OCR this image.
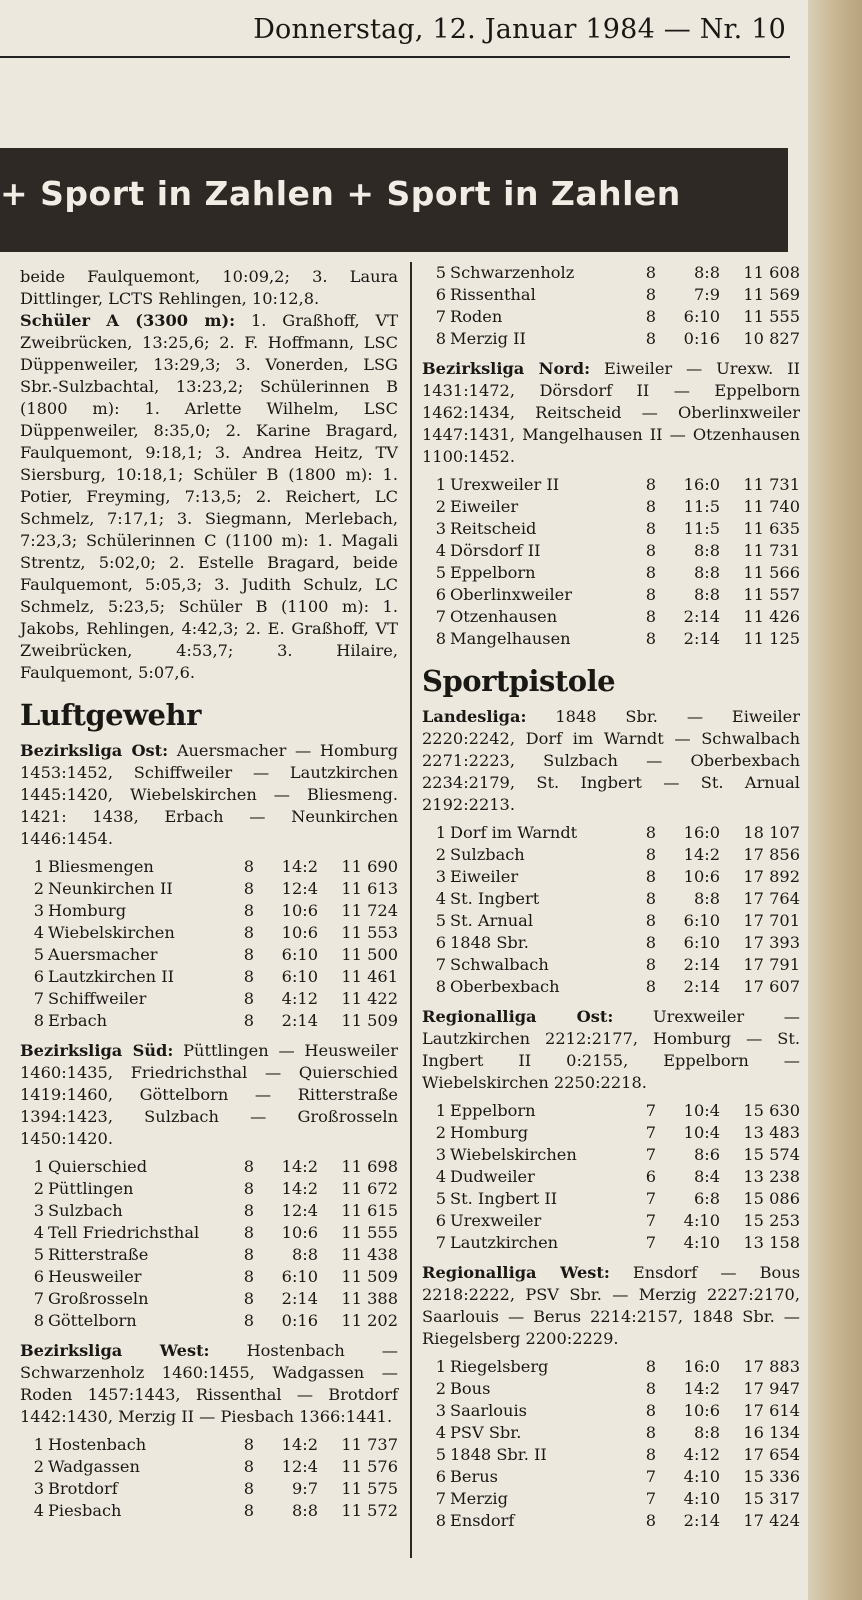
Donnerstag, 12. Januar 1984 — Nr. 10
+ Sport in Zahlen + Sport in Zahlen

beide Faulquemont, 10:09,2; 3. Laura Dittlinger, LCTS Rehlingen, 10:12,8.

Schüler A (3300 m): 1. Graßhoff, VT Zweibrücken, 13:25,6; 2. F. Hoffmann, LSC Düppenweiler, 13:29,3; 3. Vonerden, LSG Sbr.-Sulzbachtal, 13:23,2; Schülerinnen B (1800 m): 1. Arlette Wilhelm, LSC Düppenweiler, 8:35,0; 2. Karine Bragard, Faulquemont, 9:18,1; 3. Andrea Heitz, TV Siersburg, 10:18,1; Schüler B (1800 m): 1. Potier, Freyming, 7:13,5; 2. Reichert, LC Schmelz, 7:17,1; 3. Siegmann, Merlebach, 7:23,3; Schülerinnen C (1100 m): 1. Magali Strentz, 5:02,0; 2. Estelle Bragard, beide Faulquemont, 5:05,3; 3. Judith Schulz, LC Schmelz, 5:23,5; Schüler B (1100 m): 1. Jakobs, Rehlingen, 4:42,3; 2. E. Graßhoff, VT Zweibrücken, 4:53,7; 3. Hilaire, Faulquemont, 5:07,6.

Luftgewehr

Bezirksliga Ost: Auersmacher — Homburg 1453:1452, Schiffweiler — Lautzkirchen 1445:1420, Wiebelskirchen — Bliesmeng. 1421: 1438, Erbach — Neunkirchen 1446:1454.

1	Bliesmengen	8	14:2	11 690
2	Neunkirchen II	8	12:4	11 613
3	Homburg	8	10:6	11 724
4	Wiebelskirchen	8	10:6	11 553
5	Auersmacher	8	6:10	11 500
6	Lautzkirchen II	8	6:10	11 461
7	Schiffweiler	8	4:12	11 422
8	Erbach	8	2:14	11 509

Bezirksliga Süd: Püttlingen — Heusweiler 1460:1435, Friedrichsthal — Quierschied 1419:1460, Göttelborn — Ritterstraße 1394:1423, Sulzbach — Großrosseln 1450:1420.

1	Quierschied	8	14:2	11 698
2	Püttlingen	8	14:2	11 672
3	Sulzbach	8	12:4	11 615
4	Tell Friedrichsthal	8	10:6	11 555
5	Ritterstraße	8	8:8	11 438
6	Heusweiler	8	6:10	11 509
7	Großrosseln	8	2:14	11 388
8	Göttelborn	8	0:16	11 202

Bezirksliga West: Hostenbach — Schwarzenholz 1460:1455, Wadgassen — Roden 1457:1443, Rissenthal — Brotdorf 1442:1430, Merzig II — Piesbach 1366:1441.

1	Hostenbach	8	14:2	11 737
2	Wadgassen	8	12:4	11 576
3	Brotdorf	8	9:7	11 575
4	Piesbach	8	8:8	11 572
5	Schwarzenholz	8	8:8	11 608
6	Rissenthal	8	7:9	11 569
7	Roden	8	6:10	11 555
8	Merzig II	8	0:16	10 827

Bezirksliga Nord: Eiweiler — Urexw. II 1431:1472, Dörsdorf II — Eppelborn 1462:1434, Reitscheid — Oberlinxweiler 1447:1431, Mangelhausen II — Otzenhausen 1100:1452.

1	Urexweiler II	8	16:0	11 731
2	Eiweiler	8	11:5	11 740
3	Reitscheid	8	11:5	11 635
4	Dörsdorf II	8	8:8	11 731
5	Eppelborn	8	8:8	11 566
6	Oberlinxweiler	8	8:8	11 557
7	Otzenhausen	8	2:14	11 426
8	Mangelhausen	8	2:14	11 125
Sportpistole

Landesliga: 1848 Sbr. — Eiweiler 2220:2242, Dorf im Warndt — Schwalbach 2271:2223, Sulzbach — Oberbexbach 2234:2179, St. Ingbert — St. Arnual 2192:2213.

1	Dorf im Warndt	8	16:0	18 107
2	Sulzbach	8	14:2	17 856
3	Eiweiler	8	10:6	17 892
4	St. Ingbert	8	8:8	17 764
5	St. Arnual	8	6:10	17 701
6	1848 Sbr.	8	6:10	17 393
7	Schwalbach	8	2:14	17 791
8	Oberbexbach	8	2:14	17 607

Regionalliga Ost: Urexweiler — Lautzkirchen 2212:2177, Homburg — St. Ingbert II 0:2155, Eppelborn — Wiebelskirchen 2250:2218.

1	Eppelborn	7	10:4	15 630
2	Homburg	7	10:4	13 483
3	Wiebelskirchen	7	8:6	15 574
4	Dudweiler	6	8:4	13 238
5	St. Ingbert II	7	6:8	15 086
6	Urexweiler	7	4:10	15 253
7	Lautzkirchen	7	4:10	13 158

Regionalliga West: Ensdorf — Bous 2218:2222, PSV Sbr. — Merzig 2227:2170, Saarlouis — Berus 2214:2157, 1848 Sbr. — Riegelsberg 2200:2229.

1	Riegelsberg	8	16:0	17 883
2	Bous	8	14:2	17 947
3	Saarlouis	8	10:6	17 614
4	PSV Sbr.	8	8:8	16 134
5	1848 Sbr. II	8	4:12	17 654
6	Berus	7	4:10	15 336
7	Merzig	7	4:10	15 317
8	Ensdorf	8	2:14	17 424
